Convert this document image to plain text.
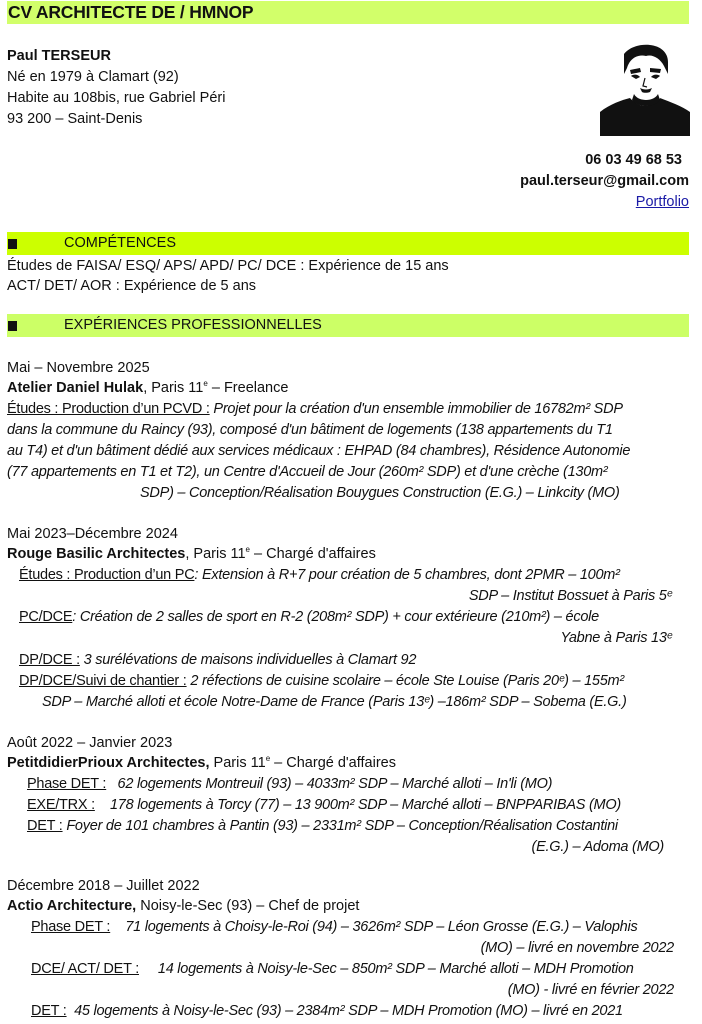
CV ARCHITECTE DE / HMNOP
Paul TERSEUR
Né en 1979 à Clamart (92)
Habite au 108bis, rue Gabriel Péri
93 200 – Saint-Denis
06 03 49 68 53
paul.terseur@gmail.com
Portfolio
COMPÉTENCES
Études de FAISA/ ESQ/ APS/ APD/ PC/ DCE : Expérience de 15 ans
ACT/ DET/ AOR : Expérience de 5 ans
EXPÉRIENCES PROFESSIONNELLES
Mai – Novembre 2025
Atelier Daniel Hulak, Paris 11e – Freelance
Études : Production d’un PCVD : Projet pour la création d'un ensemble immobilier de 16782m² SDP
dans la commune du Raincy (93), composé d'un bâtiment de logements (138 appartements du T1
au T4) et d'un bâtiment dédié aux services médicaux : EHPAD (84 chambres), Résidence Autonomie
(77 appartements en T1 et T2), un Centre d'Accueil de Jour (260m² SDP) et d'une crèche (130m²
SDP) – Conception/Réalisation Bouygues Construction (E.G.) – Linkcity (MO)
Mai 2023–Décembre 2024
Rouge Basilic Architectes, Paris 11e – Chargé d'affaires
Études : Production d’un PC: Extension à R+7 pour création de 5 chambres, dont 2PMR – 100m²
SDP – Institut Bossuet à Paris 5ᵉ
PC/DCE: Création de 2 salles de sport en R-2 (208m² SDP) + cour extérieure (210m²) – école
Yabne à Paris 13ᵉ
DP/DCE : 3 surélévations de maisons individuelles à Clamart 92
DP/DCE/Suivi de chantier : 2 réfections de cuisine scolaire – école Ste Louise (Paris 20ᵉ) – 155m²
SDP – Marché alloti et école Notre-Dame de France (Paris 13ᵉ) –186m² SDP – Sobema (E.G.)
Août 2022 – Janvier 2023
PetitdidierPrioux Architectes, Paris 11e – Chargé d'affaires
Phase DET : 62 logements Montreuil (93) – 4033m² SDP – Marché alloti – In'li (MO)
EXE/TRX : 178 logements à Torcy (77) – 13 900m² SDP – Marché alloti – BNPPARIBAS (MO)
DET : Foyer de 101 chambres à Pantin (93) – 2331m² SDP – Conception/Réalisation Costantini
(E.G.) – Adoma (MO)
Décembre 2018 – Juillet 2022
Actio Architecture, Noisy-le-Sec (93) – Chef de projet
Phase DET : 71 logements à Choisy-le-Roi (94) – 3626m² SDP – Léon Grosse (E.G.) – Valophis
(MO) – livré en novembre 2022
DCE/ ACT/ DET : 14 logements à Noisy-le-Sec – 850m² SDP – Marché alloti – MDH Promotion
(MO) - livré en février 2022
DET : 45 logements à Noisy-le-Sec (93) – 2384m² SDP – MDH Promotion (MO) – livré en 2021
